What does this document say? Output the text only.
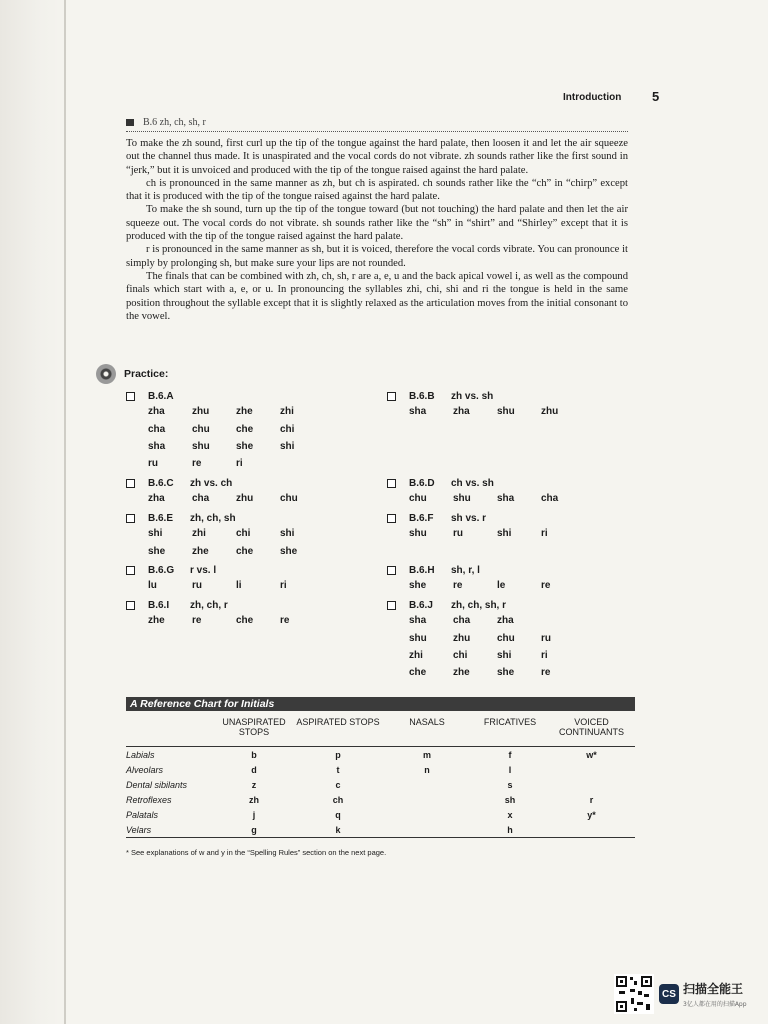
Introduction 5
B.6 zh, ch, sh, r

To make the zh sound, first curl up the tip of the tongue against the hard palate, then loosen it and let the air squeeze out the channel thus made. It is unaspirated and the vocal cords do not vibrate. zh sounds rather like the first sound in “jerk,” but it is unvoiced and produced with the tip of the tongue raised against the hard palate.

ch is pronounced in the same manner as zh, but ch is aspirated. ch sounds rather like the “ch” in “chirp” except that it is produced with the tip of the tongue raised against the hard palate.

To make the sh sound, turn up the tip of the tongue toward (but not touching) the hard palate and then let the air squeeze out. The vocal cords do not vibrate. sh sounds rather like the “sh” in “shirt” and “Shirley” except that it is produced with the tip of the tongue raised against the hard palate.

r is pronounced in the same manner as sh, but it is voiced, therefore the vocal cords vibrate. You can pronounce it simply by prolonging sh, but make sure your lips are not rounded.

The finals that can be combined with zh, ch, sh, r are a, e, u and the back apical vowel i, as well as the compound finals which start with a, e, or u. In pronouncing the syllables zhi, chi, shi and ri the tongue is held in the same position throughout the syllable except that it is slightly relaxed as the articulation moves from the initial consonant to the vowel.

Practice:
B.6.A
zha	zhu	zhe	zhi
cha	chu	che	chi
sha	shu	she	shi
ru	re	ri
B.6.C	zh vs. ch
zha	cha	zhu	chu
B.6.E	zh, ch, sh
shi	zhi	chi	shi
she	zhe	che	she
B.6.G	r vs. l
lu	ru	li	ri
B.6.I	zh, ch, r
zhe	re	che	re
B.6.B	zh vs. sh
sha	zha	shu	zhu
B.6.D	ch vs. sh
chu	shu	sha	cha
B.6.F	sh vs. r
shu	ru	shi	ri
B.6.H	sh, r, l
she	re	le	re
B.6.J	zh, ch, sh, r
sha	cha	zha
shu	zhu	chu	ru
zhi	chi	shi	ri
che	zhe	she	re
A Reference Chart for Initials
	UNASPIRATED STOPS	ASPIRATED STOPS	NASALS	FRICATIVES	VOICED CONTINUANTS
Labials	b	p	m	f	w*
Alveolars	d	t	n	l	
Dental sibilants	z	c		s	
Retroflexes	zh	ch		sh	r
Palatals	j	q		x	y*
Velars	g	k		h	
* See explanations of w and y in the “Spelling Rules” section on the next page.
CS 扫描全能王
3亿人都在用的扫描App
